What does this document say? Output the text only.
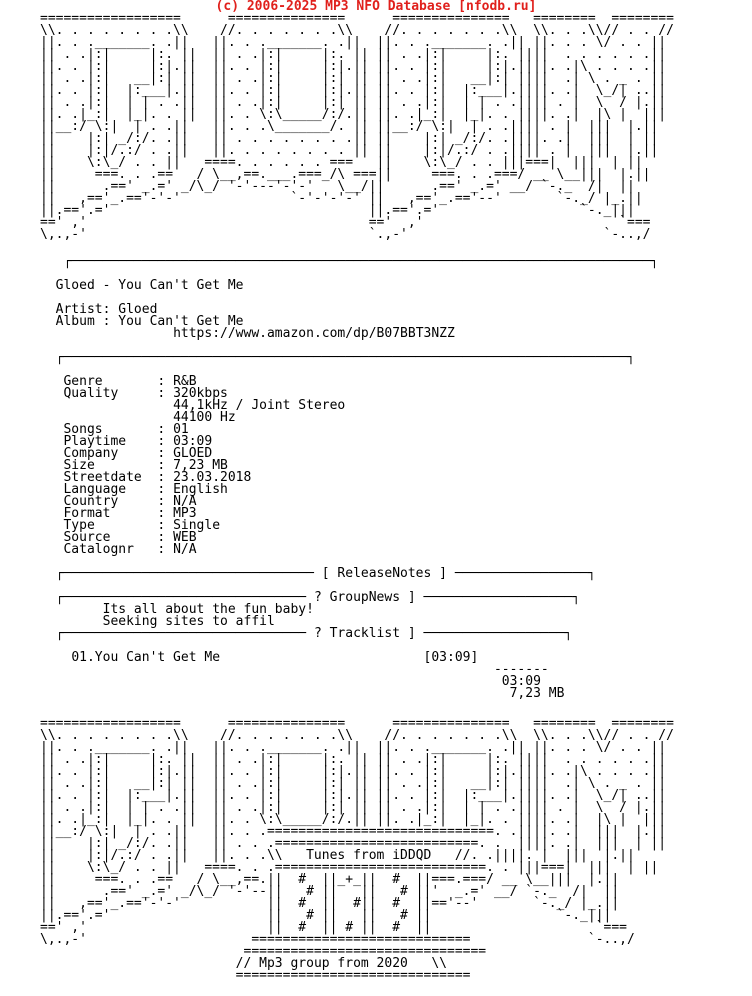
(c) 2006-2025 MP3 NFO Database [nfodb.ru]
==================      ===============      ===============   ========  ========
\\. . . . . . . .\\    //. . . . . . .\\    //. . . . . . .\\  \\. . .\\// . . //
||. . ._______. .||   ||. . ._______. .||  ||. . ._______. .|| ||. . . \/ . . ||
|| . .|:|     |:. ||  || . .|:|     |:. || || . .|:|     |:. ||||  . . . . . .||
||. . |:|     |:|.||  ||. . |:|     |:|.|| ||. . |:|     |:|.||||. .|\ . . . .||
|| . .|:|   __|:| ||  || . .|:|     |:| || || . .|:|   __|:| ||||  .| \ . _ . ||
||. . |:|  |:___|.||  ||. . |:|     |:|.|| ||. . |:|  |:___|.||||. .|  \_/| ..||
|| . .|:|  | | . .||  || . .|:|     |:| || || . .|:|  | | . .|||| . |  \  / |.||
||. .|_:|  |_|. . ||  ||. . \:\_____/:/.|| ||. .|_:|  |_|. . ||||. .|  |\ |  |||
||__:/ \:|  | . .||   ||. . .\_______/. || ||__:/ \:|  | . .|||| . |  |||  |.||
||    |:| _/:/. .||   || . . . . . . . .|| ||    |:| _/:/. .||||. .|  |||  | ||
||    |:|/.:/ . .||   ||. . . . . . . . || ||    |:|/.:/ . .|||| . |  |||  |.||
||    \:\_/ . . ||   ====. . . . . . ===   ||    \:\_/ . . |||===|  |||  | ||
||     ===. . .==   / \__,==.___.===_/\ ===||     ===. . .===/ __ \__|||  |.||
||      .==' _.=' _/\_/ '-'---'-'-'   \__/||      .==' _.=' __/ `-._  /|  ||
||   ,=='_.=='-'-'              `-'-'-'-' ||   ,=='_.=='--'       `-._/ |_.||
||.=='.='                                 ||.=='.='                  `-._|||
==' ,'                                    =='  ,'                         `===
\,.,-'                                    `.,-'                         `-..,/
┌──────────────────────────────────────────────────────────────────────────┐

Gloed - You Can't Get Me

Artist: Gloed
Album : You Can't Get Me
https://www.amazon.com/dp/B07BBT3NZZ

┌────────────────────────────────────────────────────────────────────────┐

Genre       : R&B
Quality     : 320kbps
44,1kHz / Joint Stereo
44100 Hz
Songs       : 01
Playtime    : 03:09
Company     : GLOED
Size        : 7,23 MB
Streetdate  : 23.03.2018
Language    : English
Country     : N/A
Format      : MP3
Type        : Single
Source      : WEB
Catalognr   : N/A

┌──────────────────────────────── [ ReleaseNotes ] ─────────────────┐

┌─────────────────────────────── ? GroupNews ] ───────────────────┐
Its all about the fun baby!
Seeking sites to affil
┌─────────────────────────────── ? Tracklist ] ──────────────────┐

01.You Can't Get Me	[03:09]
-------
03:09
7,23 MB
==================      ===============      ===============   ========  ========
\\. . . . . . . .\\    //. . . . . . .\\    //. . . . . . .\\  \\. . .\\// . . //
||. . ._______. .||   ||. . ._______. .||  ||. . ._______. .|| ||. . . \/ . . ||
|| . .|:|     |:. ||  || . .|:|     |:. || || . .|:|     |:. ||||  . . . . . .||
||. . |:|     |:|.||  ||. . |:|     |:|.|| ||. . |:|     |:|.||||. .|\ . . . .||
|| . .|:|   __|:| ||  || . .|:|     |:| || || . .|:|   __|:| ||||  .| \ . _ . ||
||. . |:|  |:___|.||  ||. . |:|     |:|.|| ||. . |:|  |:___|.||||. .|  \_/| ..||
|| . .|:|  | | . .||  || . .|:|     |:| || || . .|:|  | | . .|||| . |  \  / |.||
||. .|_:|  |_|. . ||  ||. . \:\_____/:/.|| ||. .|_:|  |_|. . ||||. .|  |\ |  |||
||__:/ \:|  | . .||   ||. . .=============================. .||||. .|  |||  |.||
||    |:| _/:/. .||   || . . .==========================. .  ||||. .|  |||  | ||
||    |:|/.:/ . .||   ||. . .\\   Tunes from iDDQD   //. .||||. |  |||  |.||
||    \:\_/ . . ||   ====. . .===========================. . |||===|  |||  | ||
||     ===. . .==   / \__,==.||  #  ||_+_||  #  ||===.===/ __ \__|||  |.||
||      .==' _.=' _/\_/ '-'--||   # ||   ||   # ||'  _.=' __/ `-._  /|  ||
||   ,=='_.=='-'-'           ||  #  ||  #||  #  ||=='--'       `-._/ |_.||
||.=='.='                    ||   # ||   ||   # ||                `-._|||
==' ,'                       ||  #  || # ||  #  ||                     `===
\,.,-'                     ============================               `-..,/
===============================
// Mp3 group from 2020   \\
==============================
